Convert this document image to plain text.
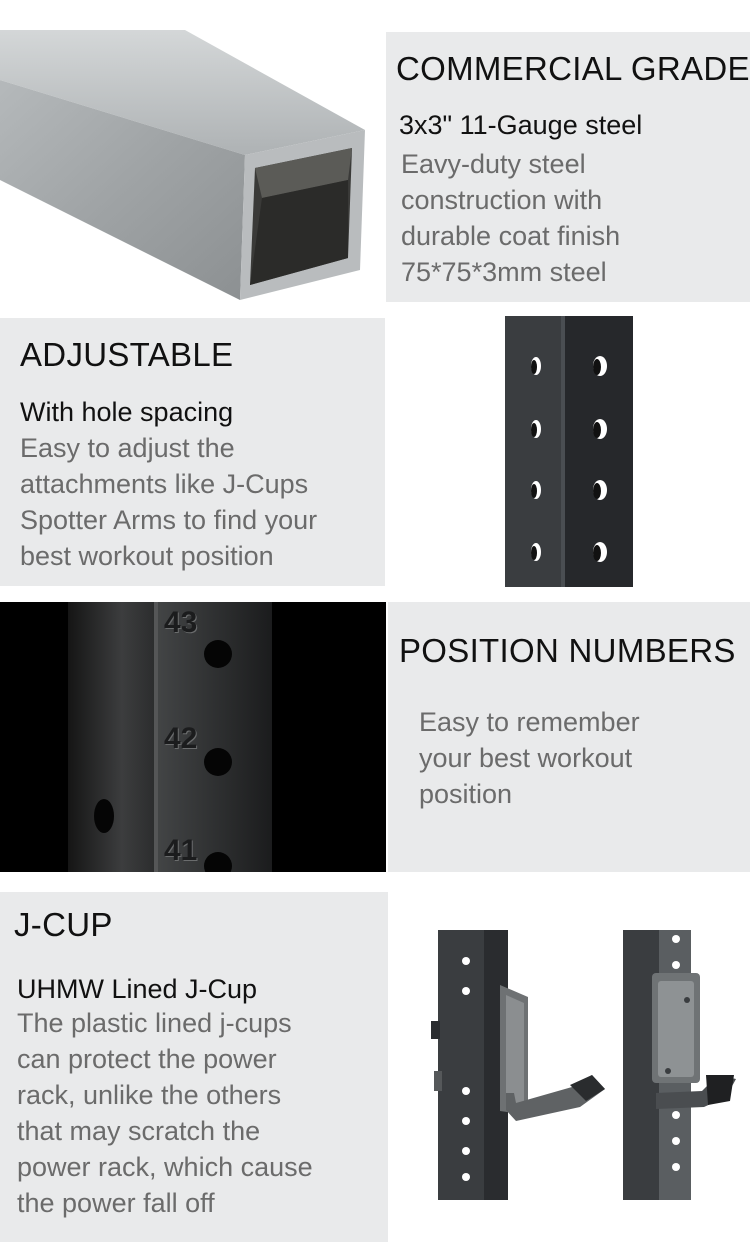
COMMERCIAL GRADE
3x3" 11-Gauge steel
Eavy-duty steel
construction with
durable coat finish
75*75*3mm steel
ADJUSTABLE
With hole spacing
Easy to adjust the
attachments like J-Cups
Spotter Arms to find your
best workout position
43
42
41
POSITION NUMBERS
Easy to remember
your best workout
position
J-CUP
UHMW Lined J-Cup
The plastic lined j-cups
can protect the power
rack, unlike the others
that may scratch the
power rack, which cause
the power fall off
